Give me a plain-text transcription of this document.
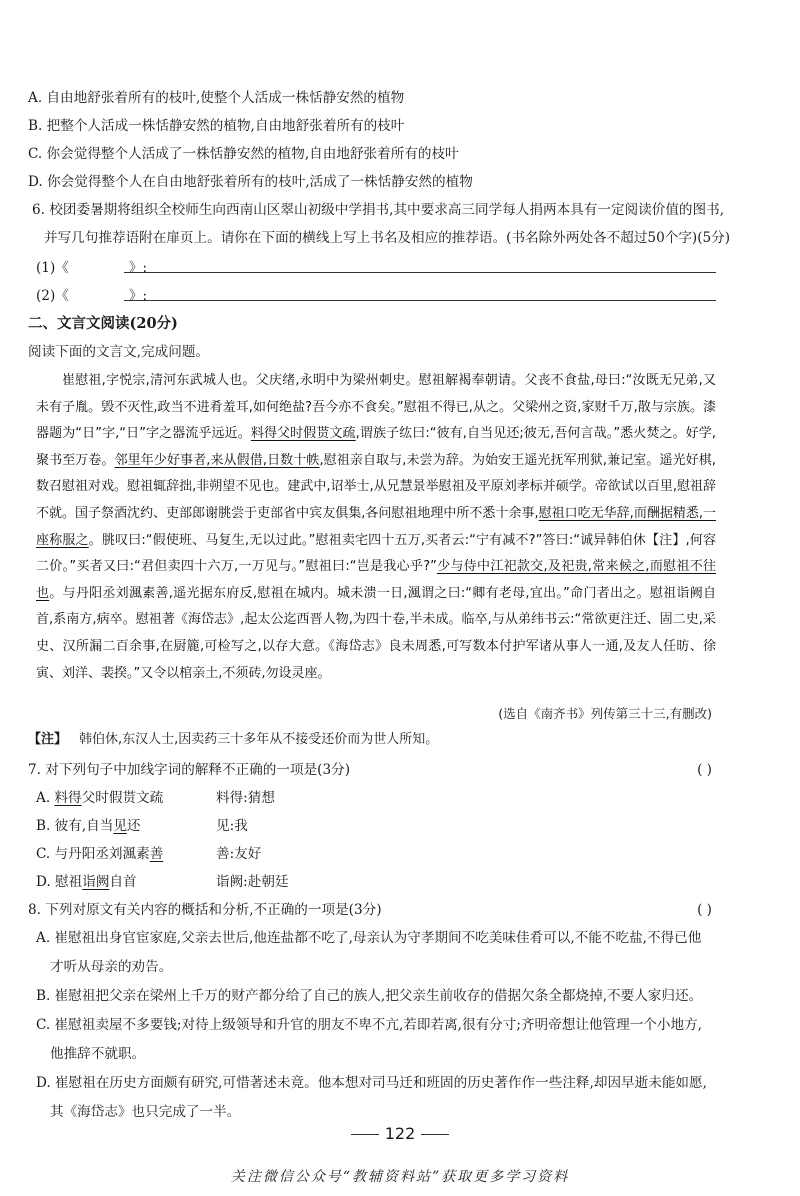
A. 自由地舒张着所有的枝叶,使整个人活成一株恬静安然的植物
B. 把整个人活成一株恬静安然的植物,自由地舒张着所有的枝叶
C. 你会觉得整个人活成了一株恬静安然的植物,自由地舒张着所有的枝叶
D. 你会觉得整个人在自由地舒张着所有的枝叶,活成了一株恬静安然的植物
6. 校团委暑期将组织全校师生向西南山区翠山初级中学捐书,其中要求高三同学每人捐两本具有一定阅读价值的图书,
并写几句推荐语附在扉页上。请你在下面的横线上写上书名及相应的推荐语。(书名除外两处各不超过50个字)(5分)
(1)《	》:
(2)《	》:
二、文言文阅读(20分)
阅读下面的文言文,完成问题。
崔慰祖,字悦宗,清河东武城人也。父庆绪,永明中为梁州刺史。慰祖解褐奉朝请。父丧不食盐,母曰:“汝既无兄弟,又未有子胤。毁不灭性,政当不进肴羞耳,如何绝盐?吾今亦不食矣。”慰祖不得已,从之。父梁州之资,家财千万,散与宗族。漆器题为“日”字,“日”字之器流乎远近。料得父时假贳文疏,谓族子纮曰:“彼有,自当见还;彼无,吾何言哉。”悉火焚之。好学,聚书至万卷。邻里年少好事者,来从假借,日数十帙,慰祖亲自取与,未尝为辞。为始安王遥光抚军刑狱,兼记室。遥光好棋,数召慰祖对戏。慰祖辄辞拙,非朔望不见也。建武中,诏举士,从兄慧景举慰祖及平原刘孝标并硕学。帝欲试以百里,慰祖辞不就。国子祭酒沈约、吏部郎谢朓尝于吏部省中宾友俱集,各问慰祖地理中所不悉十余事,慰祖口吃无华辞,而酬据精悉,一座称服之。朓叹曰:“假使班、马复生,无以过此。”慰祖卖宅四十五万,买者云:“宁有减不?”答曰:“诚异韩伯休【注】,何容二价。”买者又曰:“君但卖四十六万,一万见与。”慰祖曰:“岂是我心乎?”少与侍中江祀款交,及祀贵,常来候之,而慰祖不往也。与丹阳丞刘渢素善,遥光据东府反,慰祖在城内。城未溃一日,渢谓之曰:“卿有老母,宜出。”命门者出之。慰祖诣阙自首,系南方,病卒。慰祖著《海岱志》,起太公迄西晋人物,为四十卷,半未成。临卒,与从弟纬书云:“常欲更注迁、固二史,采史、汉所漏二百余事,在厨簏,可检写之,以存大意。《海岱志》良未周悉,可写数本付护军诸从事人一通,及友人任昉、徐寅、刘洋、裴揆。”又令以棺亲土,不须砖,勿设灵座。
(选自《南齐书》列传第三十三,有删改)
【注】 韩伯休,东汉人士,因卖药三十多年从不接受还价而为世人所知。
7. 对下列句子中加线字词的解释不正确的一项是(3分)	( )
A. 料得父时假贳文疏	料得:猜想
B. 彼有,自当见还	见:我
C. 与丹阳丞刘渢素善	善:友好
D. 慰祖诣阙自首	诣阙:赴朝廷
8. 下列对原文有关内容的概括和分析,不正确的一项是(3分)	( )
A. 崔慰祖出身官宦家庭,父亲去世后,他连盐都不吃了,母亲认为守孝期间不吃美味佳肴可以,不能不吃盐,不得已他
才听从母亲的劝告。
B. 崔慰祖把父亲在梁州上千万的财产都分给了自己的族人,把父亲生前收存的借据欠条全都烧掉,不要人家归还。
C. 崔慰祖卖屋不多要钱;对待上级领导和升官的朋友不卑不亢,若即若离,很有分寸;齐明帝想让他管理一个小地方,
他推辞不就职。
D. 崔慰祖在历史方面颇有研究,可惜著述未竟。他本想对司马迁和班固的历史著作作一些注释,却因早逝未能如愿,
其《海岱志》也只完成了一半。
122
关注微信公众号“教辅资料站”获取更多学习资料
